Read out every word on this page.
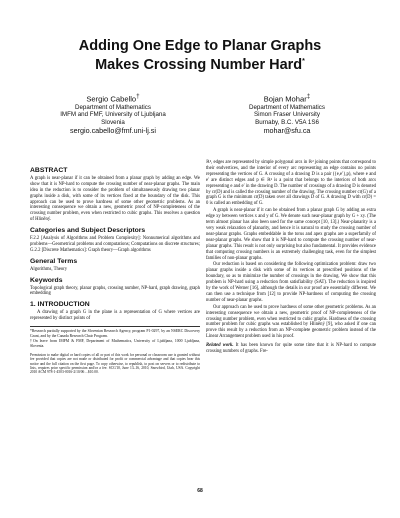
Adding One Edge to Planar Graphs
Makes Crossing Number Hard*
Sergio Cabello†
Department of Mathematics
IMFM and FMF, University of Ljubljana
Slovenia
sergio.cabello@fmf.uni-lj.si
Bojan Mohar‡
Department of Mathematics
Simon Fraser University
Burnaby, B.C. V5A 1S6
mohar@sfu.ca
ABSTRACT

A graph is near-planar if it can be obtained from a planar graph by adding an edge. We show that it is NP-hard to compute the crossing number of near-planar graphs. The main idea in the reduction is to consider the problem of simultaneously drawing two planar graphs inside a disk, with some of its vertices fixed at the boundary of the disk. This approach can be used to prove hardness of some other geometric problems. As an interesting consequence we obtain a new, geometric proof of NP-completeness of the crossing number problem, even when restricted to cubic graphs. This resolves a question of Hliněný.

Categories and Subject Descriptors

F.2.2 [Analysis of Algorithms and Problem Complexity]: Nonnumerical algorithms and problems—Geometrical problems and computations; Computations on discrete structures; G.2.2 [Discrete Mathematics]: Graph theory—Graph algorithms

General Terms

Algorithms, Theory

Keywords

Topological graph theory, planar graphs, crossing number, NP-hard, graph drawing, graph embedding

1. INTRODUCTION

A drawing of a graph G in the plane is a representation of G where vertices are represented by distinct points of

*Research partially supported by the Slovenian Research Agency, program P1-0297, by an NSERC Discovery Grant, and by the Canada Research Chair Program.

†On leave from IMFM & FMF, Department of Mathematics, University of Ljubljana, 1000 Ljubljana, Slovenia.

Permission to make digital or hard copies of all or part of this work for personal or classroom use is granted without fee provided that copies are not made or distributed for profit or commercial advantage and that copies bear this notice and the full citation on the first page. To copy otherwise, to republish, to post on servers or to redistribute to lists, requires prior specific permission and/or a fee. SCG'10, June 13–16, 2010, Snowbird, Utah, USA. Copyright 2010 ACM 978-1-4503-0016-2/10/06 ...$10.00.

ℝ², edges are represented by simple polygonal arcs in ℝ² joining points that correspond to their endvertices, and the interior of every arc representing an edge contains no points representing the vertices of G. A crossing of a drawing D is a pair ({e,e′},p), where e and e′ are distinct edges and p ∈ ℝ² is a point that belongs to the interiors of both arcs representing e and e′ in the drawing D. The number of crossings of a drawing D is denoted by cr(D) and is called the crossing number of the drawing. The crossing number cr(G) of a graph G is the minimum cr(D) taken over all drawings D of G. A drawing D with cr(D) = 0 is called an embedding of G.

A graph is near-planar if it can be obtained from a planar graph G by adding an extra edge xy between vertices x and y of G. We denote such near-planar graph by G + xy. (The term almost planar has also been used for the same concept [10, 13].) Near-planarity is a very weak relaxation of planarity, and hence it is natural to study the crossing number of near-planar graphs. Graphs embeddable in the torus and apex graphs are a superfamily of near-planar graphs. We show that it is NP-hard to compute the crossing number of near-planar graphs. This result is not only surprising but also fundamental. It provides evidence that computing crossing numbers is an extremely challenging task, even for the simplest families of non-planar graphs.

Our reduction is based on considering the following optimization problem: draw two planar graphs inside a disk with some of its vertices at prescribed positions of the boundary, so as to minimize the number of crossings in the drawing. We show that this problem is NP-hard using a reduction from satisfiability (SAT). The reduction is inspired by the work of Werner [16], although the details in our proof are essentially different. We can then use a technique from [12] to provide NP-hardness of computing the crossing number of near-planar graphs.

Our approach can be used to prove hardness of some other geometric problems. As an interesting consequence we obtain a new, geometric proof of NP-completeness of the crossing number problem, even when restricted to cubic graphs. Hardness of the crossing number problem for cubic graphs was established by Hliněný [9], who asked if one can prove this result by a reduction from an NP-complete geometric problem instead of the Linear Arrangement problem used in his proof.

Related work. It has been known for quite some time that it is NP-hard to compute crossing numbers of graphs. Fre-

68
